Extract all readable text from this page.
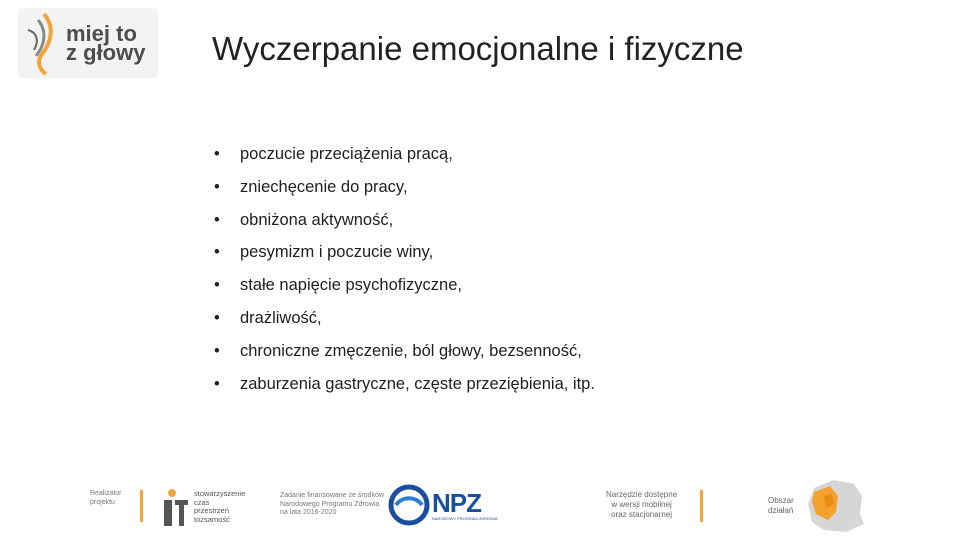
miej to
z głowy Wyczerpanie emocjonalne i fizyczne
•	poczucie przeciążenia pracą,
•	zniechęcenie do pracy,
•	obniżona aktywność,
•	pesymizm i poczucie winy,
•	stałe napięcie psychofizyczne,
•	drażliwość,
•	chroniczne zmęczenie, ból głowy, bezsenność,
•	zaburzenia gastryczne, częste przeziębienia, itp.
Realizator
projektu
stowarzyszenie
czas
przestrzeń
tożsamość
Zadanie finansowane ze środków
Narodowego Programu Zdrowia
na lata 2016-2020	NPZ
NARODOWY PROGRAM ZDROWIA
Narzędzie dostępne
w wersji mobilnej
oraz stacjonarnej
Obszar
działań
